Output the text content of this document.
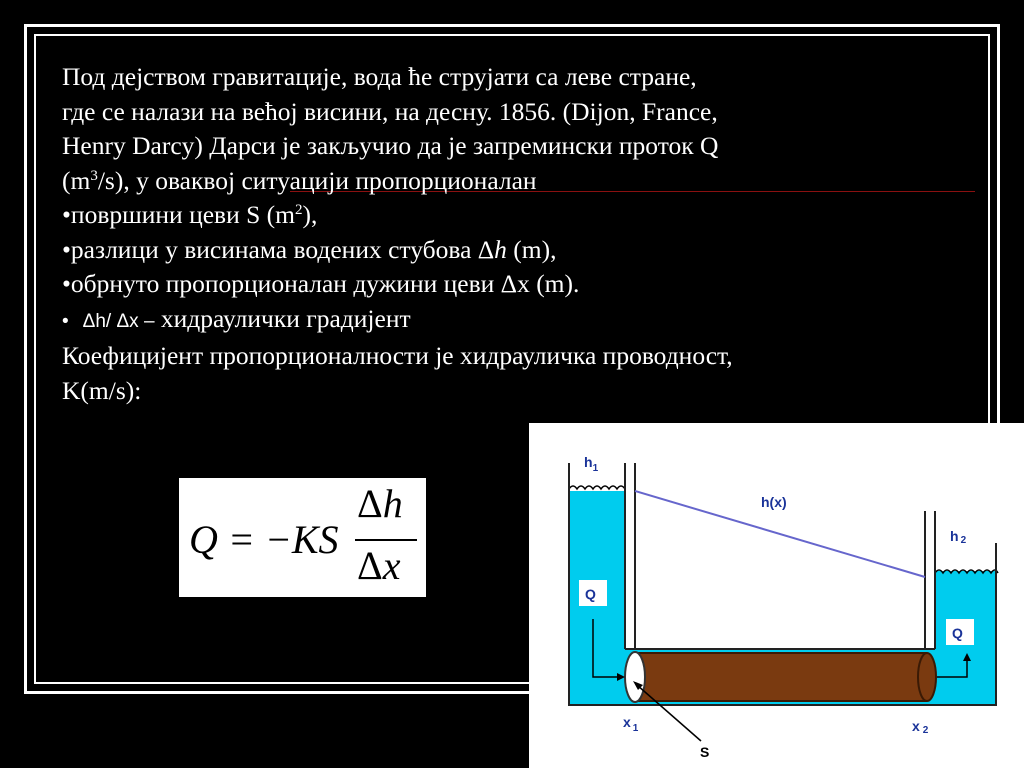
Под дејством гравитације, вода ће струјати са леве стране,
где се налази на већој висини, на десну. 1856. (Dijon, France,
Henry Darcy) Дарси је закључио да је запремински проток Q
$(m^3/s)$, у оваквој ситуацији пропорционалан
•површини цеви S $(m^2)$,
•разлици у висинама водених стубова Δh (m),
•обрнуто пропорционалан дужини цеви Δx (m).
• Δh/ Δx – хидраулички градијент
Коефицијент пропорционалности је хидрауличка проводност,
K(m/s):
Q = −KS
Δh
Δx
$h_1$
h(x)
h 2
Q
Q
x $_1$	x 2
S
